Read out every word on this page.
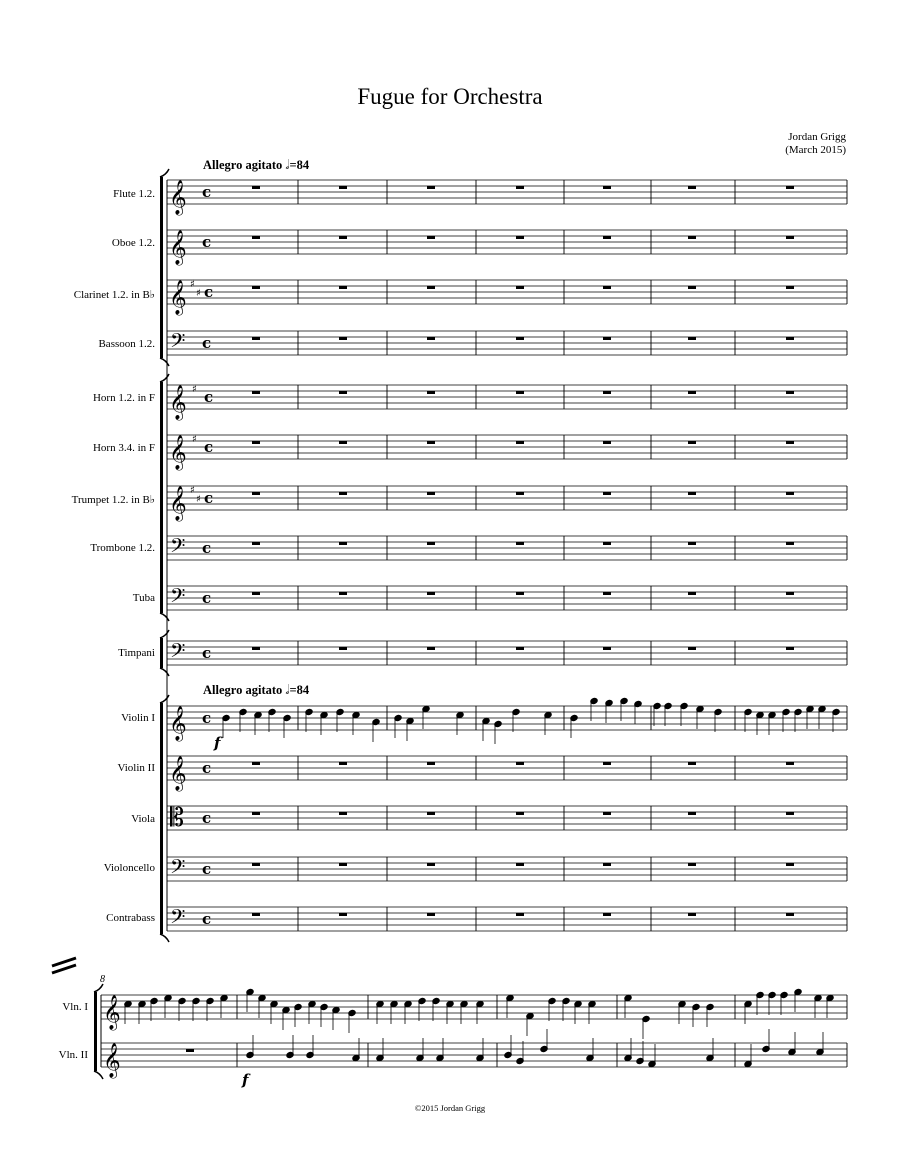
Fugue for Orchestra
Jordan Grigg
(March 2015)
Allegro agitato 𝅗𝅥=84
Allegro agitato 𝅗𝅥=84
Flute 1.2.
Oboe 1.2.
Clarinet 1.2. in B♭
Bassoon 1.2.
Horn 1.2. in F
Horn 3.4. in F
Trumpet 1.2. in B♭
Trombone 1.2.
Tuba
Timpani
Violin I
Violin II
Viola
Violoncello
Contrabass
Vln. I
Vln. II
8
©2015 Jordan Grigg
𝄞 c
𝄞 c
𝄞 ♯
♯ c
𝄢 c
𝄞 ♯ c
𝄞 ♯ c
𝄞 ♯
♯ c
𝄢 c
𝄢 c
𝄢 c
𝄞 c
𝄞 c
𝄡 c
𝄢 c
𝄢 c
f
𝄞
𝄞
f
